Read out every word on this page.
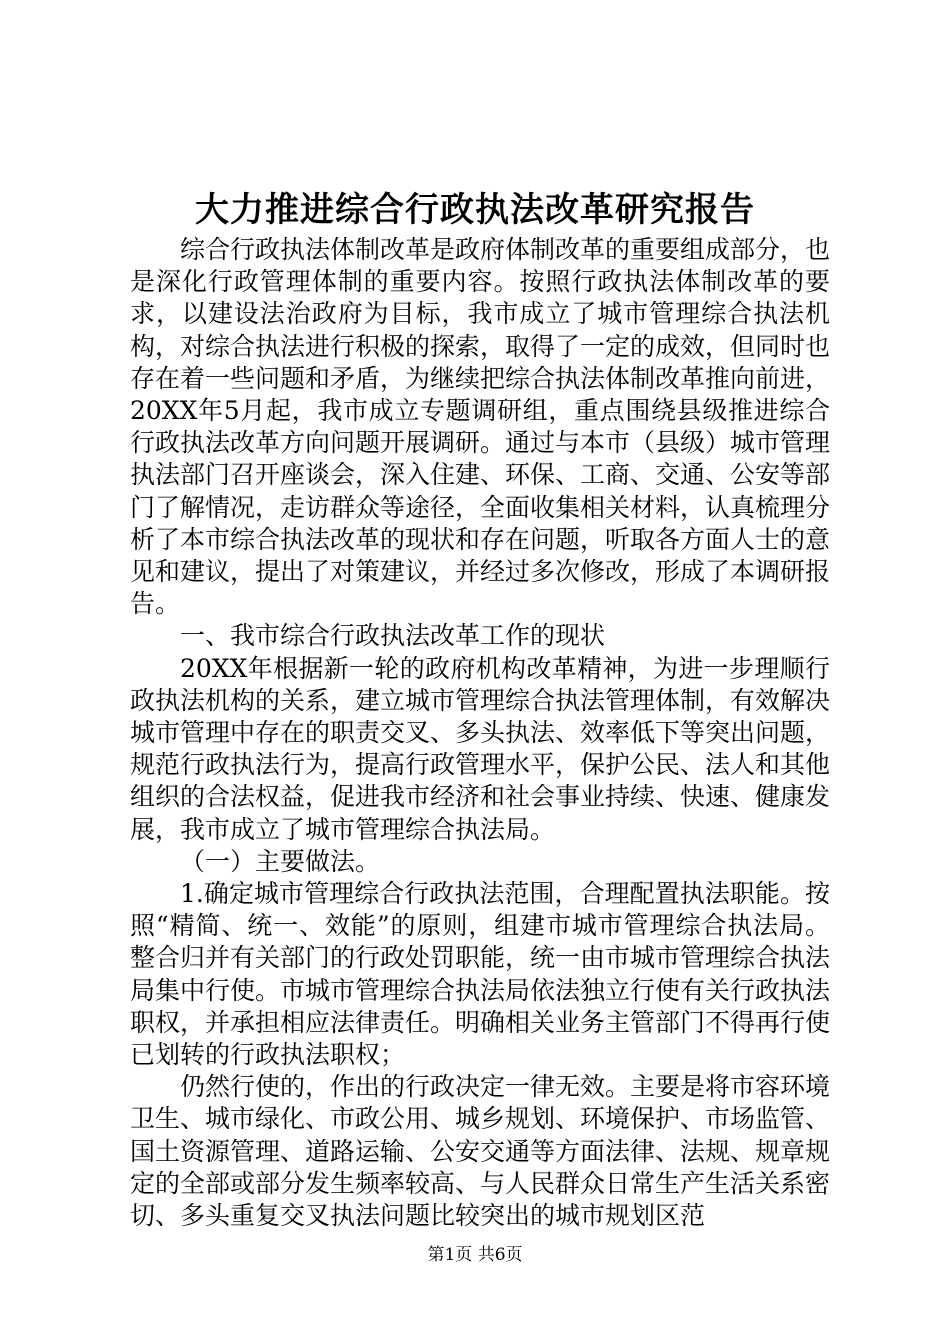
大力推进综合行政执法改革研究报告

综合行政执法体制改革是政府体制改革的重要组成部分，也是深化行政管理体制的重要内容。按照行政执法体制改革的要求，以建设法治政府为目标，我市成立了城市管理综合执法机构，对综合执法进行积极的探索，取得了一定的成效，但同时也存在着一些问题和矛盾，为继续把综合执法体制改革推向前进，20XX年5月起，我市成立专题调研组，重点围绕县级推进综合行政执法改革方向问题开展调研。通过与本市（县级）城市管理执法部门召开座谈会，深入住建、环保、工商、交通、公安等部门了解情况，走访群众等途径，全面收集相关材料，认真梳理分析了本市综合执法改革的现状和存在问题，听取各方面人士的意见和建议，提出了对策建议，并经过多次修改，形成了本调研报告。

一、我市综合行政执法改革工作的现状

20XX年根据新一轮的政府机构改革精神，为进一步理顺行政执法机构的关系，建立城市管理综合执法管理体制，有效解决城市管理中存在的职责交叉、多头执法、效率低下等突出问题，规范行政执法行为，提高行政管理水平，保护公民、法人和其他组织的合法权益，促进我市经济和社会事业持续、快速、健康发展，我市成立了城市管理综合执法局。

（一）主要做法。

1.确定城市管理综合行政执法范围，合理配置执法职能。按照“精简、统一、效能”的原则，组建市城市管理综合执法局。整合归并有关部门的行政处罚职能，统一由市城市管理综合执法局集中行使。市城市管理综合执法局依法独立行使有关行政执法职权，并承担相应法律责任。明确相关业务主管部门不得再行使已划转的行政执法职权；

仍然行使的，作出的行政决定一律无效。主要是将市容环境卫生、城市绿化、市政公用、城乡规划、环境保护、市场监管、国土资源管理、道路运输、公安交通等方面法律、法规、规章规定的全部或部分发生频率较高、与人民群众日常生产生活关系密切、多头重复交叉执法问题比较突出的城市规划区范

第1页 共6页
